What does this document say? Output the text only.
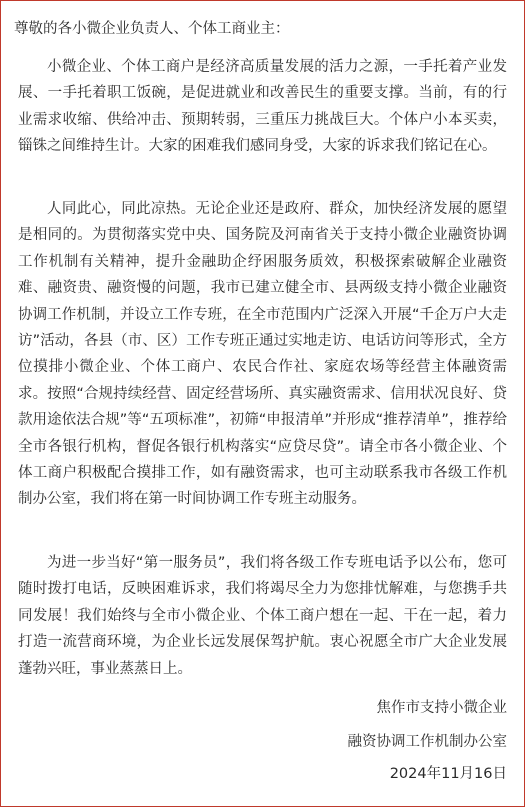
尊敬的各小微企业负责人、个体工商业主：

小微企业、个体工商户是经济高质量发展的活力之源，一手托着产业发展、一手托着职工饭碗，是促进就业和改善民生的重要支撑。当前，有的行业需求收缩、供给冲击、预期转弱，三重压力挑战巨大。个体户小本买卖，锱铢之间维持生计。大家的困难我们感同身受，大家的诉求我们铭记在心。

人同此心，同此凉热。无论企业还是政府、群众，加快经济发展的愿望是相同的。为贯彻落实党中央、国务院及河南省关于支持小微企业融资协调工作机制有关精神，提升金融助企纾困服务质效，积极探索破解企业融资难、融资贵、融资慢的问题，我市已建立健全市、县两级支持小微企业融资协调工作机制，并设立工作专班，在全市范围内广泛深入开展“千企万户大走访”活动，各县（市、区）工作专班正通过实地走访、电话访问等形式，全方位摸排小微企业、个体工商户、农民合作社、家庭农场等经营主体融资需求。按照“合规持续经营、固定经营场所、真实融资需求、信用状况良好、贷款用途依法合规”等“五项标准”，初筛“申报清单”并形成“推荐清单”，推荐给全市各银行机构，督促各银行机构落实“应贷尽贷”。请全市各小微企业、个体工商户积极配合摸排工作，如有融资需求，也可主动联系我市各级工作机制办公室，我们将在第一时间协调工作专班主动服务。

为进一步当好“第一服务员”，我们将各级工作专班电话予以公布，您可随时拨打电话，反映困难诉求，我们将竭尽全力为您排忧解难，与您携手共同发展！我们始终与全市小微企业、个体工商户想在一起、干在一起，着力打造一流营商环境，为企业长远发展保驾护航。衷心祝愿全市广大企业发展蓬勃兴旺，事业蒸蒸日上。

焦作市支持小微企业
融资协调工作机制办公室
2024年11月16日
